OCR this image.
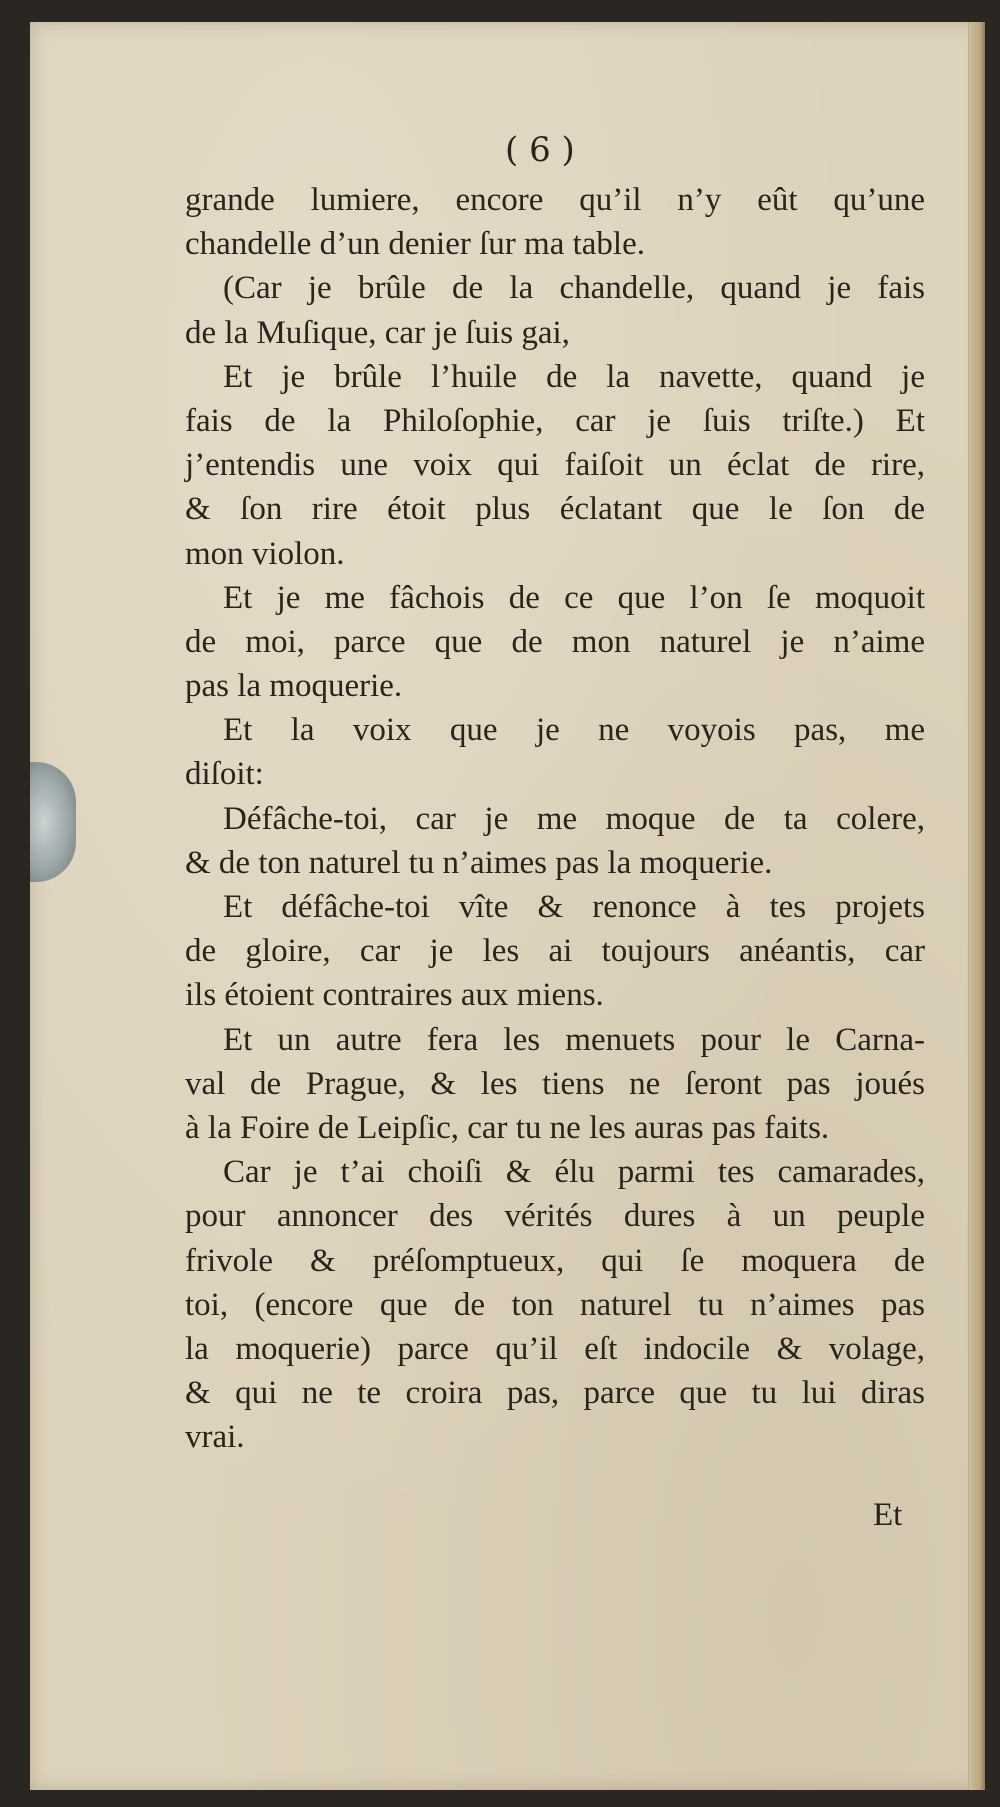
( 6 )
grande lumiere, encore qu’il n’y eût qu’une
chandelle d’un denier ſur ma table.
(Car je brûle de la chandelle, quand je fais
de la Muſique, car je ſuis gai,
Et je brûle l’huile de la navette, quand je
fais de la Philoſophie, car je ſuis triſte.) Et
j’entendis une voix qui faiſoit un éclat de rire,
& ſon rire étoit plus éclatant que le ſon de
mon violon.
Et je me fâchois de ce que l’on ſe moquoit
de moi, parce que de mon naturel je n’aime
pas la moquerie.
Et la voix que je ne voyois pas, me
diſoit:
Défâche-toi, car je me moque de ta colere,
& de ton naturel tu n’aimes pas la moquerie.
Et défâche-toi vîte & renonce à tes projets
de gloire, car je les ai toujours anéantis, car
ils étoient contraires aux miens.
Et un autre fera les menuets pour le Carna-
val de Prague, & les tiens ne ſeront pas joués
à la Foire de Leipſic, car tu ne les auras pas faits.
Car je t’ai choiſi & élu parmi tes camarades,
pour annoncer des vérités dures à un peuple
frivole & préſomptueux, qui ſe moquera de
toi, (encore que de ton naturel tu n’aimes pas
la moquerie) parce qu’il eſt indocile & volage,
& qui ne te croira pas, parce que tu lui diras
vrai.
Et
